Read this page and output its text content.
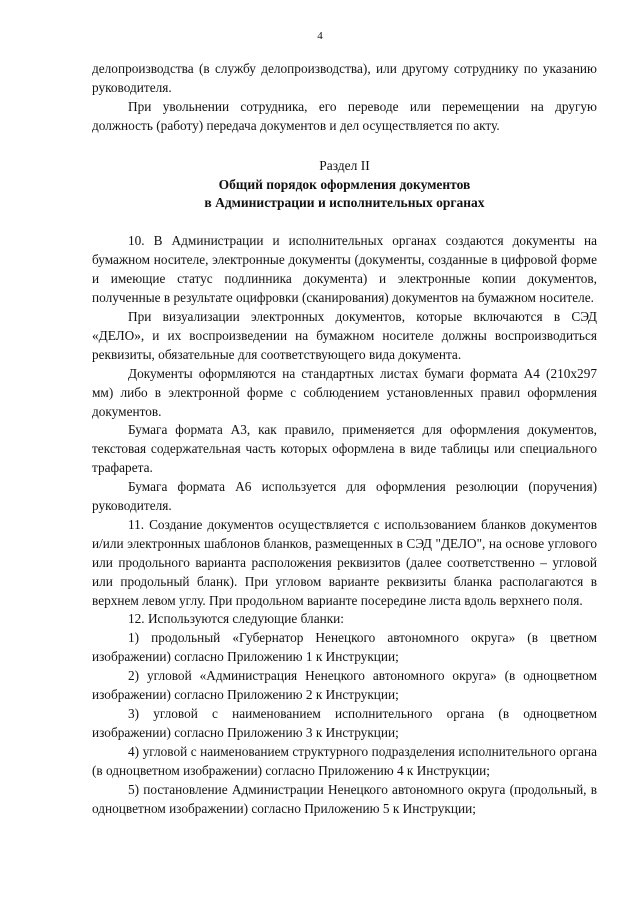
4

делопроизводства (в службу делопроизводства), или другому сотруднику по указанию руководителя.

При увольнении сотрудника, его переводе или перемещении на другую должность (работу) передача документов и дел осуществляется по акту.

Раздел II
Общий порядок оформления документов
в Администрации и исполнительных органах

10. В Администрации и исполнительных органах создаются документы на бумажном носителе, электронные документы (документы, созданные в цифровой форме и имеющие статус подлинника документа) и электронные копии документов, полученные в результате оцифровки (сканирования) документов на бумажном носителе.

При визуализации электронных документов, которые включаются в СЭД «ДЕЛО», и их воспроизведении на бумажном носителе должны воспроизводиться реквизиты, обязательные для соответствующего вида документа.

Документы оформляются на стандартных листах бумаги формата А4 (210х297 мм) либо в электронной форме с соблюдением установленных правил оформления документов.

Бумага формата А3, как правило, применяется для оформления документов, текстовая содержательная часть которых оформлена в виде таблицы или специального трафарета.

Бумага формата А6 используется для оформления резолюции (поручения) руководителя.

11. Создание документов осуществляется с использованием бланков документов и/или электронных шаблонов бланков, размещенных в СЭД "ДЕЛО", на основе углового или продольного варианта расположения реквизитов (далее соответственно – угловой или продольный бланк). При угловом варианте реквизиты бланка располагаются в верхнем левом углу. При продольном варианте посередине листа вдоль верхнего поля.

12. Используются следующие бланки:

1) продольный «Губернатор Ненецкого автономного округа» (в цветном изображении) согласно Приложению 1 к Инструкции;

2) угловой «Администрация Ненецкого автономного округа» (в одноцветном изображении) согласно Приложению 2 к Инструкции;

3) угловой с наименованием исполнительного органа (в одноцветном изображении) согласно Приложению 3 к Инструкции;

4) угловой с наименованием структурного подразделения исполнительного органа (в одноцветном изображении) согласно Приложению 4 к Инструкции;

5) постановление Администрации Ненецкого автономного округа (продольный, в одноцветном изображении) согласно Приложению 5 к Инструкции;
